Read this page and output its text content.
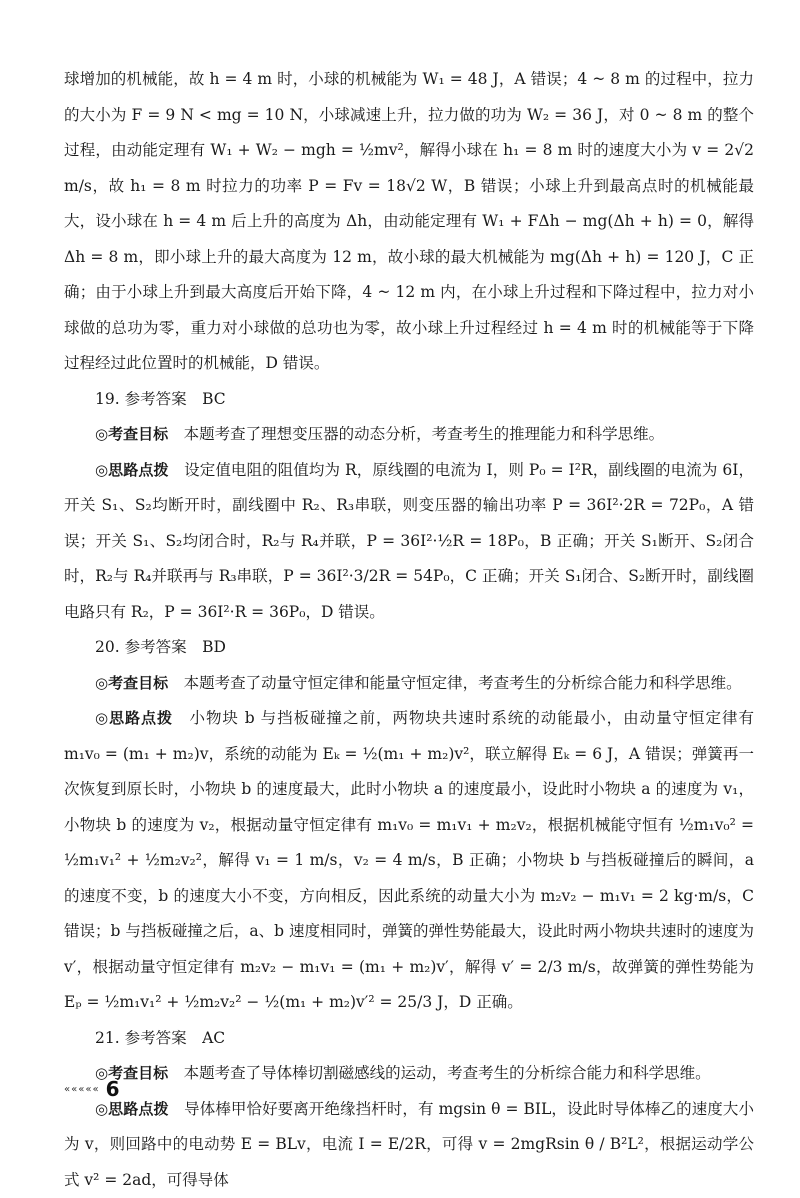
球增加的机械能，故 h = 4 m 时，小球的机械能为 W₁ = 48 J，A 错误；4 ~ 8 m 的过程中，拉力的大小为 F = 9 N < mg = 10 N，小球减速上升，拉力做的功为 W₂ = 36 J，对 0 ~ 8 m 的整个过程，由动能定理有 W₁ + W₂ − mgh = ½mv²，解得小球在 h₁ = 8 m 时的速度大小为 v = 2√2 m/s，故 h₁ = 8 m 时拉力的功率 P = Fv = 18√2 W，B 错误；小球上升到最高点时的机械能最大，设小球在 h = 4 m 后上升的高度为 Δh，由动能定理有 W₁ + FΔh − mg(Δh + h) = 0，解得 Δh = 8 m，即小球上升的最大高度为 12 m，故小球的最大机械能为 mg(Δh + h) = 120 J，C 正确；由于小球上升到最大高度后开始下降，4 ~ 12 m 内，在小球上升过程和下降过程中，拉力对小球做的总功为零，重力对小球做的总功也为零，故小球上升过程经过 h = 4 m 时的机械能等于下降过程经过此位置时的机械能，D 错误。

19. 参考答案　BC

◎考查目标　 本题考查了理想变压器的动态分析，考查考生的推理能力和科学思维。

◎思路点拨　 设定值电阻的阻值均为 R，原线圈的电流为 I，则 P₀ = I²R，副线圈的电流为 6I，开关 S₁、S₂均断开时，副线圈中 R₂、R₃串联，则变压器的输出功率 P = 36I²·2R = 72P₀，A 错误；开关 S₁、S₂均闭合时，R₂与 R₄并联，P = 36I²·½R = 18P₀，B 正确；开关 S₁断开、S₂闭合时，R₂与 R₄并联再与 R₃串联，P = 36I²·3/2R = 54P₀，C 正确；开关 S₁闭合、S₂断开时，副线圈电路只有 R₂，P = 36I²·R = 36P₀，D 错误。

20. 参考答案　BD

◎考查目标　 本题考查了动量守恒定律和能量守恒定律，考查考生的分析综合能力和科学思维。

◎思路点拨　 小物块 b 与挡板碰撞之前，两物块共速时系统的动能最小，由动量守恒定律有 m₁v₀ = (m₁ + m₂)v，系统的动能为 Eₖ = ½(m₁ + m₂)v²，联立解得 Eₖ = 6 J，A 错误；弹簧再一次恢复到原长时，小物块 b 的速度最大，此时小物块 a 的速度最小，设此时小物块 a 的速度为 v₁，小物块 b 的速度为 v₂，根据动量守恒定律有 m₁v₀ = m₁v₁ + m₂v₂，根据机械能守恒有 ½m₁v₀² = ½m₁v₁² + ½m₂v₂²，解得 v₁ = 1 m/s，v₂ = 4 m/s，B 正确；小物块 b 与挡板碰撞后的瞬间，a 的速度不变，b 的速度大小不变，方向相反，因此系统的动量大小为 m₂v₂ − m₁v₁ = 2 kg·m/s，C 错误；b 与挡板碰撞之后，a、b 速度相同时，弹簧的弹性势能最大，设此时两小物块共速时的速度为 v′，根据动量守恒定律有 m₂v₂ − m₁v₁ = (m₁ + m₂)v′，解得 v′ = 2/3 m/s，故弹簧的弹性势能为 Eₚ = ½m₁v₁² + ½m₂v₂² − ½(m₁ + m₂)v′² = 25/3 J，D 正确。

21. 参考答案　AC

◎考查目标　 本题考查了导体棒切割磁感线的运动，考查考生的分析综合能力和科学思维。

◎思路点拨　 导体棒甲恰好要离开绝缘挡杆时，有 mgsin θ = BIL，设此时导体棒乙的速度大小为 v，则回路中的电动势 E = BLv，电流 I = E/2R，可得 v = 2mgRsin θ / B²L²，根据运动学公式 v² = 2ad，可得导体

««««« 6
